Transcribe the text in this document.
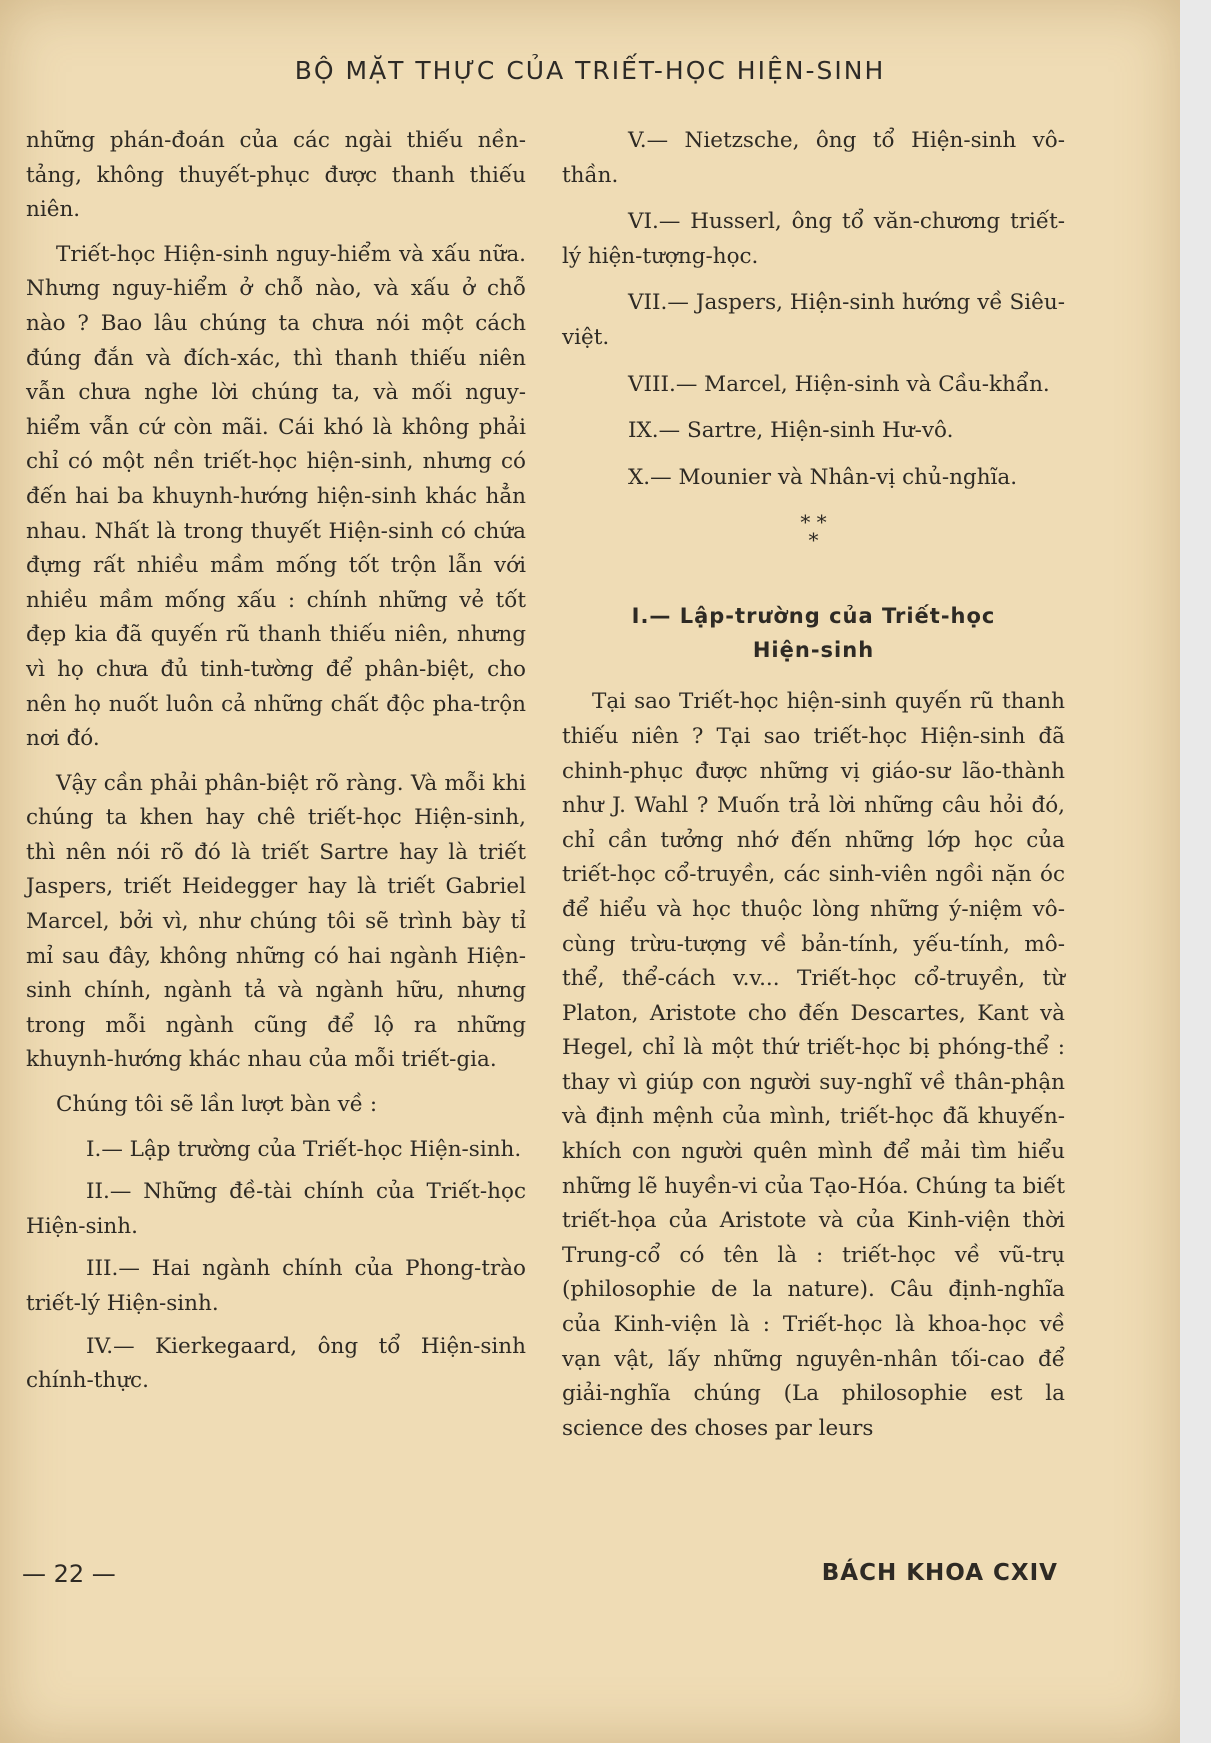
BỘ MẶT THỰC CỦA TRIẾT-HỌC HIỆN-SINH

những phán-đoán của các ngài thiếu nền-tảng, không thuyết-phục được thanh thiếu niên.

Triết-học Hiện-sinh nguy-hiểm và xấu nữa. Nhưng nguy-hiểm ở chỗ nào, và xấu ở chỗ nào ? Bao lâu chúng ta chưa nói một cách đúng đắn và đích-xác, thì thanh thiếu niên vẫn chưa nghe lời chúng ta, và mối nguy-hiểm vẫn cứ còn mãi. Cái khó là không phải chỉ có một nền triết-học hiện-sinh, nhưng có đến hai ba khuynh-hướng hiện-sinh khác hẳn nhau. Nhất là trong thuyết Hiện-sinh có chứa đựng rất nhiều mầm mống tốt trộn lẫn với nhiều mầm mống xấu : chính những vẻ tốt đẹp kia đã quyến rũ thanh thiếu niên, nhưng vì họ chưa đủ tinh-tường để phân-biệt, cho nên họ nuốt luôn cả những chất độc pha-trộn nơi đó.

Vậy cần phải phân-biệt rõ ràng. Và mỗi khi chúng ta khen hay chê triết-học Hiện-sinh, thì nên nói rõ đó là triết Sartre hay là triết Jaspers, triết Heidegger hay là triết Gabriel Marcel, bởi vì, như chúng tôi sẽ trình bày tỉ mỉ sau đây, không những có hai ngành Hiện-sinh chính, ngành tả và ngành hữu, nhưng trong mỗi ngành cũng để lộ ra những khuynh-hướng khác nhau của mỗi triết-gia.

Chúng tôi sẽ lần lượt bàn về :

I.— Lập trường của Triết-học Hiện-sinh.

II.— Những đề-tài chính của Triết-học Hiện-sinh.

III.— Hai ngành chính của Phong-trào triết-lý Hiện-sinh.

IV.— Kierkegaard, ông tổ Hiện-sinh chính-thực.

V.— Nietzsche, ông tổ Hiện-sinh vô-thần.

VI.— Husserl, ông tổ văn-chương triết-lý hiện-tượng-học.

VII.— Jaspers, Hiện-sinh hướng về Siêu-việt.

VIII.— Marcel, Hiện-sinh và Cầu-khẩn.

IX.— Sartre, Hiện-sinh Hư-vô.

X.— Mounier và Nhân-vị chủ-nghĩa.

* *
*
I.— Lập-trường của Triết-học
Hiện-sinh

Tại sao Triết-học hiện-sinh quyến rũ thanh thiếu niên ? Tại sao triết-học Hiện-sinh đã chinh-phục được những vị giáo-sư lão-thành như J. Wahl ? Muốn trả lời những câu hỏi đó, chỉ cần tưởng nhớ đến những lớp học của triết-học cổ-truyền, các sinh-viên ngồi nặn óc để hiểu và học thuộc lòng những ý-niệm vô-cùng trừu-tượng về bản-tính, yếu-tính, mô-thể, thể-cách v.v... Triết-học cổ-truyền, từ Platon, Aristote cho đến Descartes, Kant và Hegel, chỉ là một thứ triết-học bị phóng-thể : thay vì giúp con người suy-nghĩ về thân-phận và định mệnh của mình, triết-học đã khuyến-khích con người quên mình để mải tìm hiểu những lẽ huyền-vi của Tạo-Hóa. Chúng ta biết triết-họa của Aristote và của Kinh-viện thời Trung-cổ có tên là : triết-học về vũ-trụ (philosophie de la nature). Câu định-nghĩa của Kinh-viện là : Triết-học là khoa-học về vạn vật, lấy những nguyên-nhân tối-cao để giải-nghĩa chúng (La philosophie est la science des choses par leurs

— 22 —	BÁCH KHOA CXIV
